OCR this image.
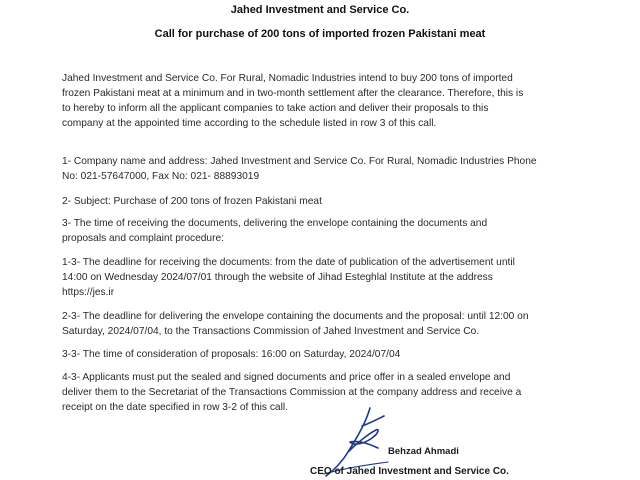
Jahed Investment and Service Co.
Call for purchase of 200 tons of imported frozen Pakistani meat
Jahed Investment and Service Co. For Rural, Nomadic Industries intend to buy 200 tons of imported
frozen Pakistani meat at a minimum and in two-month settlement after the clearance. Therefore, this is
to hereby to inform all the applicant companies to take action and deliver their proposals to this
company at the appointed time according to the schedule listed in row 3 of this call.
1- Company name and address: Jahed Investment and Service Co. For Rural, Nomadic Industries Phone
No: 021-57647000, Fax No: 021- 88893019
2- Subject: Purchase of 200 tons of frozen Pakistani meat
3- The time of receiving the documents, delivering the envelope containing the documents and
proposals and complaint procedure:
1-3- The deadline for receiving the documents: from the date of publication of the advertisement until
14:00 on Wednesday 2024/07/01 through the website of Jihad Esteghlal Institute at the address
https://jes.ir
2-3- The deadline for delivering the envelope containing the documents and the proposal: until 12:00 on
Saturday, 2024/07/04, to the Transactions Commission of Jahed Investment and Service Co.
3-3- The time of consideration of proposals: 16:00 on Saturday, 2024/07/04
4-3- Applicants must put the sealed and signed documents and price offer in a sealed envelope and
deliver them to the Secretariat of the Transactions Commission at the company address and receive a
receipt on the date specified in row 3-2 of this call.
Behzad Ahmadi
CEO of Jahed Investment and Service Co.
